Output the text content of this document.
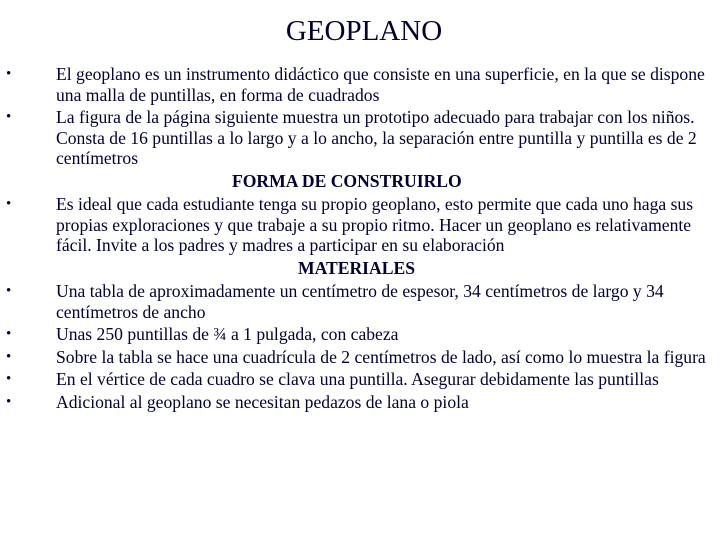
GEOPLANO
•	El geoplano es un instrumento didáctico que consiste en una superficie, en la que se dispone una malla de puntillas, en forma de cuadrados
•	La figura de la página siguiente muestra un prototipo adecuado para trabajar con los niños. Consta de 16 puntillas a lo largo y a lo ancho, la separación entre puntilla y puntilla es de 2 centímetros
FORMA DE CONSTRUIRLO
•	Es ideal que cada estudiante tenga su propio geoplano, esto permite que cada uno haga sus propias exploraciones y que trabaje a su propio ritmo. Hacer un geoplano es relativamente fácil. Invite a los padres y madres a participar en su elaboración
MATERIALES
•	Una tabla de aproximadamente un centímetro de espesor, 34 centímetros de largo y 34 centímetros de ancho
•	Unas 250 puntillas de ¾ a 1 pulgada, con cabeza
•	Sobre la tabla se hace una cuadrícula de 2 centímetros de lado, así como lo muestra la figura
•	En el vértice de cada cuadro se clava una puntilla. Asegurar debidamente las puntillas
•	Adicional al geoplano se necesitan pedazos de lana o piola
